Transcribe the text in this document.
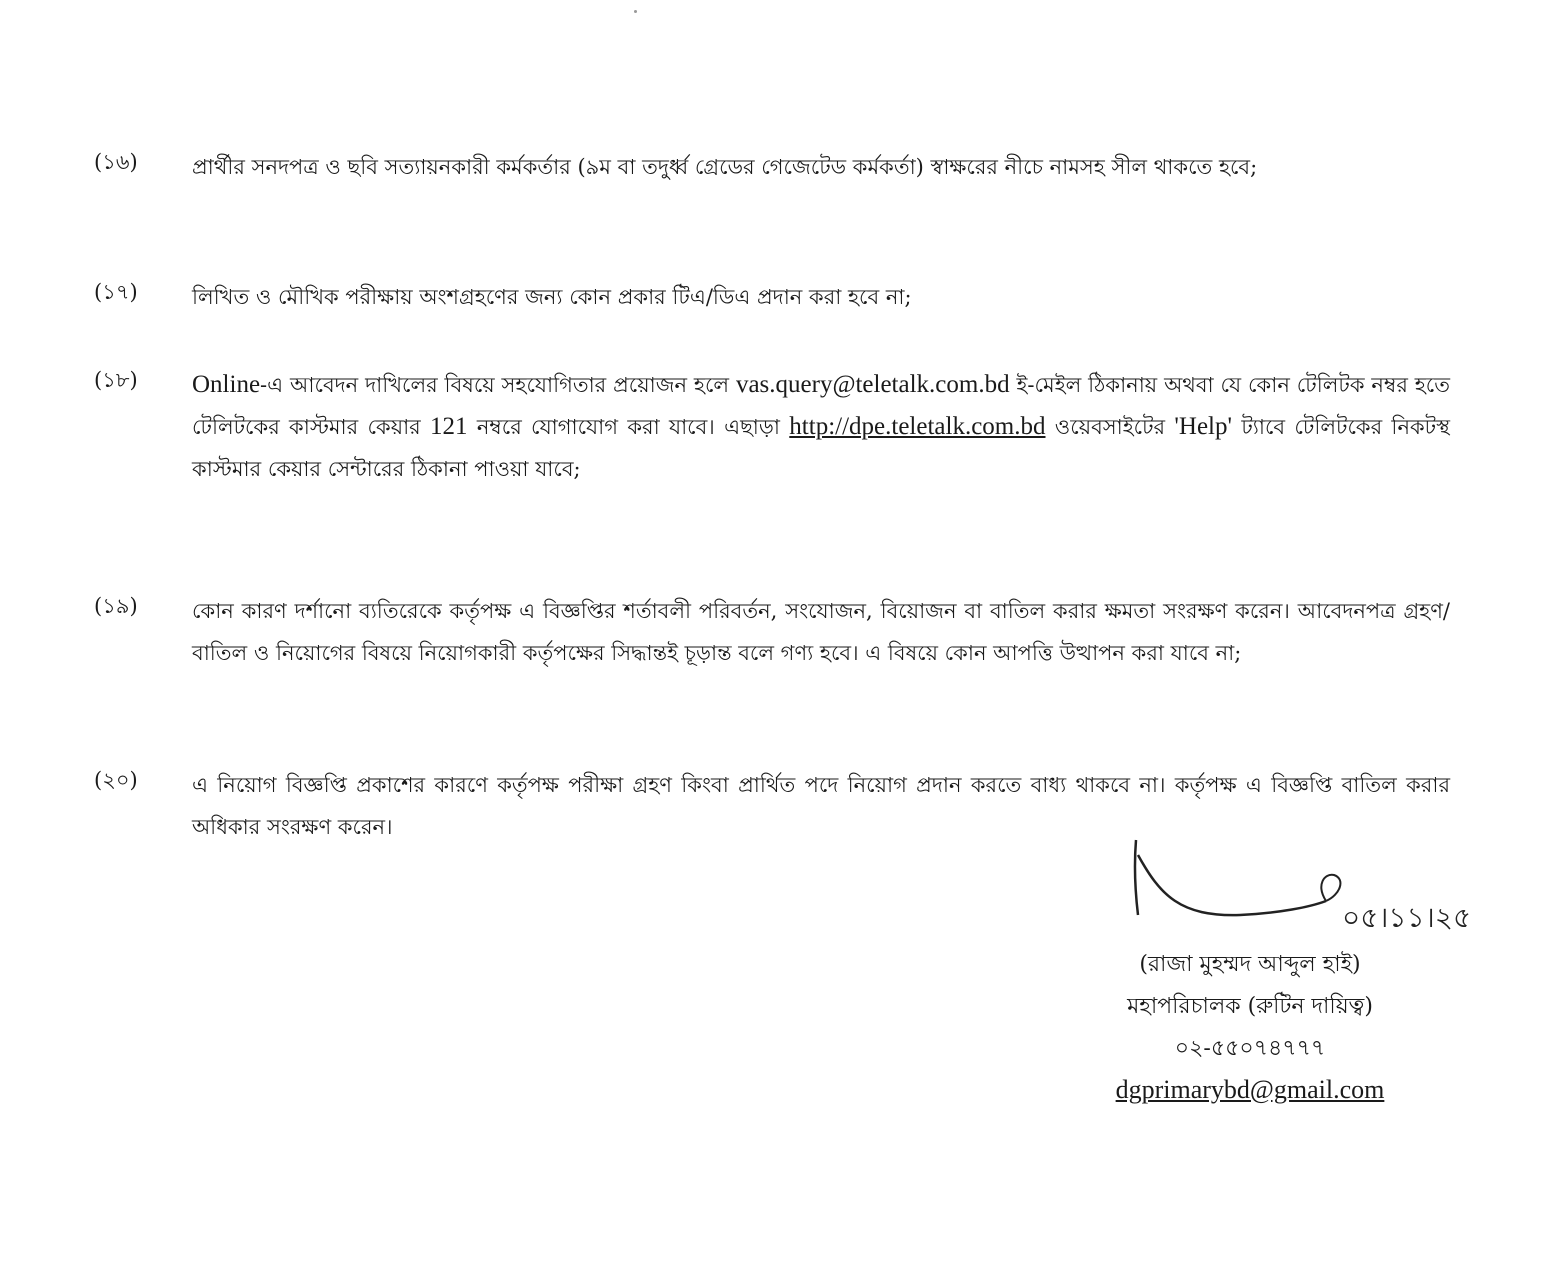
(১৬)	প্রার্থীর সনদপত্র ও ছবি সত্যায়নকারী কর্মকর্তার (৯ম বা তদুর্ধ্ব গ্রেডের গেজেটেড কর্মকর্তা) স্বাক্ষরের নীচে নামসহ সীল থাকতে হবে;
(১৭)	লিখিত ও মৌখিক পরীক্ষায় অংশগ্রহণের জন্য কোন প্রকার টিএ/ডিএ প্রদান করা হবে না;
(১৮) Online-এ আবেদন দাখিলের বিষয়ে সহযোগিতার প্রয়োজন হলে vas.query@teletalk.com.bd ই-মেইল ঠিকানায় অথবা যে কোন টেলিটক নম্বর হতে টেলিটকের কাস্টমার কেয়ার 121 নম্বরে যোগাযোগ করা যাবে। এছাড়া http://dpe.teletalk.com.bd ওয়েবসাইটের 'Help' ট্যাবে টেলিটকের নিকটস্থ কাস্টমার কেয়ার সেন্টারের ঠিকানা পাওয়া যাবে;
(১৯)	কোন কারণ দর্শানো ব্যতিরেকে কর্তৃপক্ষ এ বিজ্ঞপ্তির শর্তাবলী পরিবর্তন, সংযোজন, বিয়োজন বা বাতিল করার ক্ষমতা সংরক্ষণ করেন। আবেদনপত্র গ্রহণ/বাতিল ও নিয়োগের বিষয়ে নিয়োগকারী কর্তৃপক্ষের সিদ্ধান্তই চূড়ান্ত বলে গণ্য হবে। এ বিষয়ে কোন আপত্তি উত্থাপন করা যাবে না;
(২০)	এ নিয়োগ বিজ্ঞপ্তি প্রকাশের কারণে কর্তৃপক্ষ পরীক্ষা গ্রহণ কিংবা প্রার্থিত পদে নিয়োগ প্রদান করতে বাধ্য থাকবে না। কর্তৃপক্ষ এ বিজ্ঞপ্তি বাতিল করার অধিকার সংরক্ষণ করেন।
০৫।১১।২৫
(রাজা মুহম্মদ আব্দুল হাই)
মহাপরিচালক (রুটিন দায়িত্ব)
০২-৫৫০৭৪৭৭৭
dgprimarybd@gmail.com
